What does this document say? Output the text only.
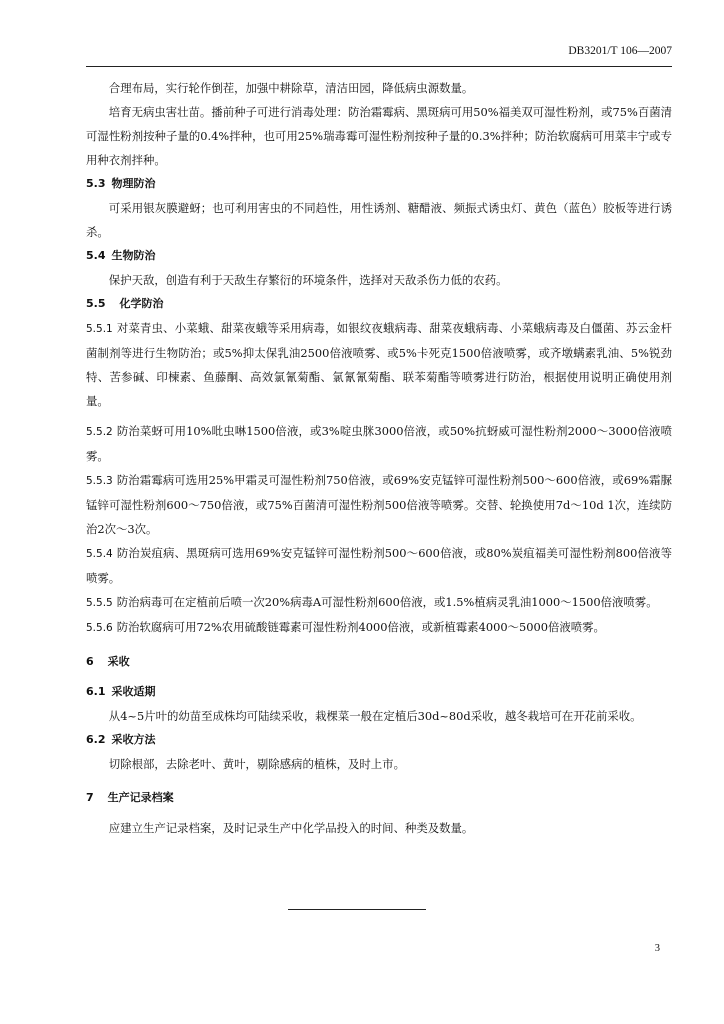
DB3201/T 106—2007

合理布局，实行轮作倒茬，加强中耕除草，清洁田园，降低病虫源数量。

培育无病虫害壮苗。播前种子可进行消毒处理：防治霜霉病、黑斑病可用50%福美双可湿性粉剂，或75%百菌清可湿性粉剂按种子量的0.4%拌种，也可用25%瑞毒霉可湿性粉剂按种子量的0.3%拌种；防治软腐病可用菜丰宁或专用种衣剂拌种。

5.3 物理防治

可采用银灰膜避蚜；也可利用害虫的不同趋性，用性诱剂、糖醋液、频振式诱虫灯、黄色（蓝色）胶板等进行诱杀。

5.4 生物防治

保护天敌，创造有利于天敌生存繁衍的环境条件，选择对天敌杀伤力低的农药。

5.5 化学防治

5.5.1 对菜青虫、小菜蛾、甜菜夜蛾等采用病毒，如银纹夜蛾病毒、甜菜夜蛾病毒、小菜蛾病毒及白僵菌、苏云金杆菌制剂等进行生物防治；或5%抑太保乳油2500倍液喷雾、或5%卡死克1500倍液喷雾，或齐墩螨素乳油、5%锐劲特、苦参碱、印楝素、鱼藤酮、高效氯氰菊酯、氯氰氰菊酯、联苯菊酯等喷雾进行防治，根据使用说明正确使用剂量。

5.5.2 防治菜蚜可用10%吡虫啉1500倍液，或3%啶虫脒3000倍液，或50%抗蚜威可湿性粉剂2000～3000倍液喷雾。

5.5.3 防治霜霉病可选用25%甲霜灵可湿性粉剂750倍液，或69%安克锰锌可湿性粉剂500～600倍液，或69%霜脲锰锌可湿性粉剂600～750倍液，或75%百菌清可湿性粉剂500倍液等喷雾。交替、轮换使用7d～10d 1次，连续防治2次～3次。

5.5.4 防治炭疽病、黑斑病可选用69%安克锰锌可湿性粉剂500～600倍液，或80%炭疽福美可湿性粉剂800倍液等喷雾。

5.5.5 防治病毒可在定植前后喷一次20%病毒A可湿性粉剂600倍液，或1.5%植病灵乳油1000～1500倍液喷雾。

5.5.6 防治软腐病可用72%农用硫酸链霉素可湿性粉剂4000倍液，或新植霉素4000～5000倍液喷雾。

6 采收
6.1 采收适期

从4~5片叶的幼苗至成株均可陆续采收，栽棵菜一般在定植后30d~80d采收，越冬栽培可在开花前采收。

6.2 采收方法

切除根部，去除老叶、黄叶，剔除感病的植株，及时上市。

7 生产记录档案

应建立生产记录档案，及时记录生产中化学品投入的时间、种类及数量。

3
